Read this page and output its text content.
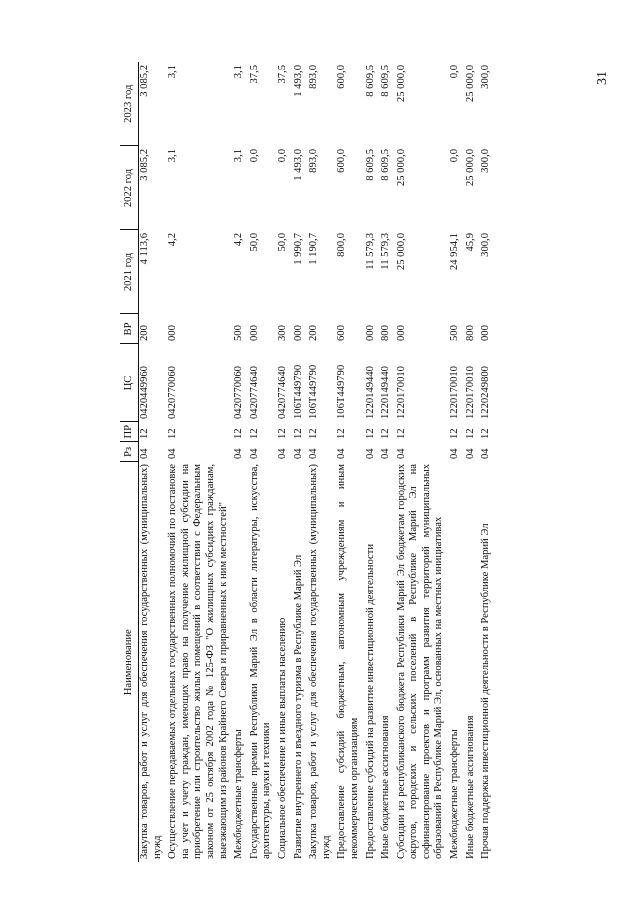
31
Наименование	Рз	ПР	ЦС	ВР	2021 год	2022 год	2023 год
Закупка товаров, работ и услуг для обеспечения государственных (муниципальных) нужд	04	12	0420449960	200	4 113,6	3 085,2	3 085,2
Осуществление передаваемых отдельных государственных полномочий по постановке на учет и учету граждан, имеющих право на получение жилищной субсидии на приобретение или строительство жилых помещений в соответствии с Федеральным законом от 25 октября 2002 года № 125-ФЗ "О жилищных субсидиях гражданам, выезжающим из районов Крайнего Севера и приравненных к ним местностей"	04	12	0420770060	000	4,2	3,1	3,1
Межбюджетные трансферты	04	12	0420770060	500	4,2	3,1	3,1
Государственные премии Республики Марий Эл в области литературы, искусства, архитектуры, науки и техники	04	12	0420774640	000	50,0	0,0	37,5
Социальное обеспечение и иные выплаты населению	04	12	0420774640	300	50,0	0,0	37,5
Развитие внутреннего и въездного туризма в Республике Марий Эл	04	12	106Т449790	000	1 990,7	1 493,0	1 493,0
Закупка товаров, работ и услуг для обеспечения государственных (муниципальных) нужд	04	12	106Т449790	200	1 190,7	893,0	893,0
Предоставление субсидий бюджетным, автономным учреждениям и иным некоммерческим организациям	04	12	106Т449790	600	800,0	600,0	600,0
Предоставление субсидий на развитие инвестиционной деятельности	04	12	1220149440	000	11 579,3	8 609,5	8 609,5
Иные бюджетные ассигнования	04	12	1220149440	800	11 579,3	8 609,5	8 609,5
Субсидии из республиканского бюджета Республики Марий Эл бюджетам городских округов, городских и сельских поселений в Республике Марий Эл на софинансирование проектов и программ развития территорий муниципальных образований в Республике Марий Эл, основанных на местных инициативах	04	12	1220170010	000	25 000,0	25 000,0	25 000,0
Межбюджетные трансферты	04	12	1220170010	500	24 954,1	0,0	0,0
Иные бюджетные ассигнования	04	12	1220170010	800	45,9	25 000,0	25 000,0
Прочая поддержка инвестиционной деятельности в Республике Марий Эл	04	12	1220249800	000	300,0	300,0	300,0
